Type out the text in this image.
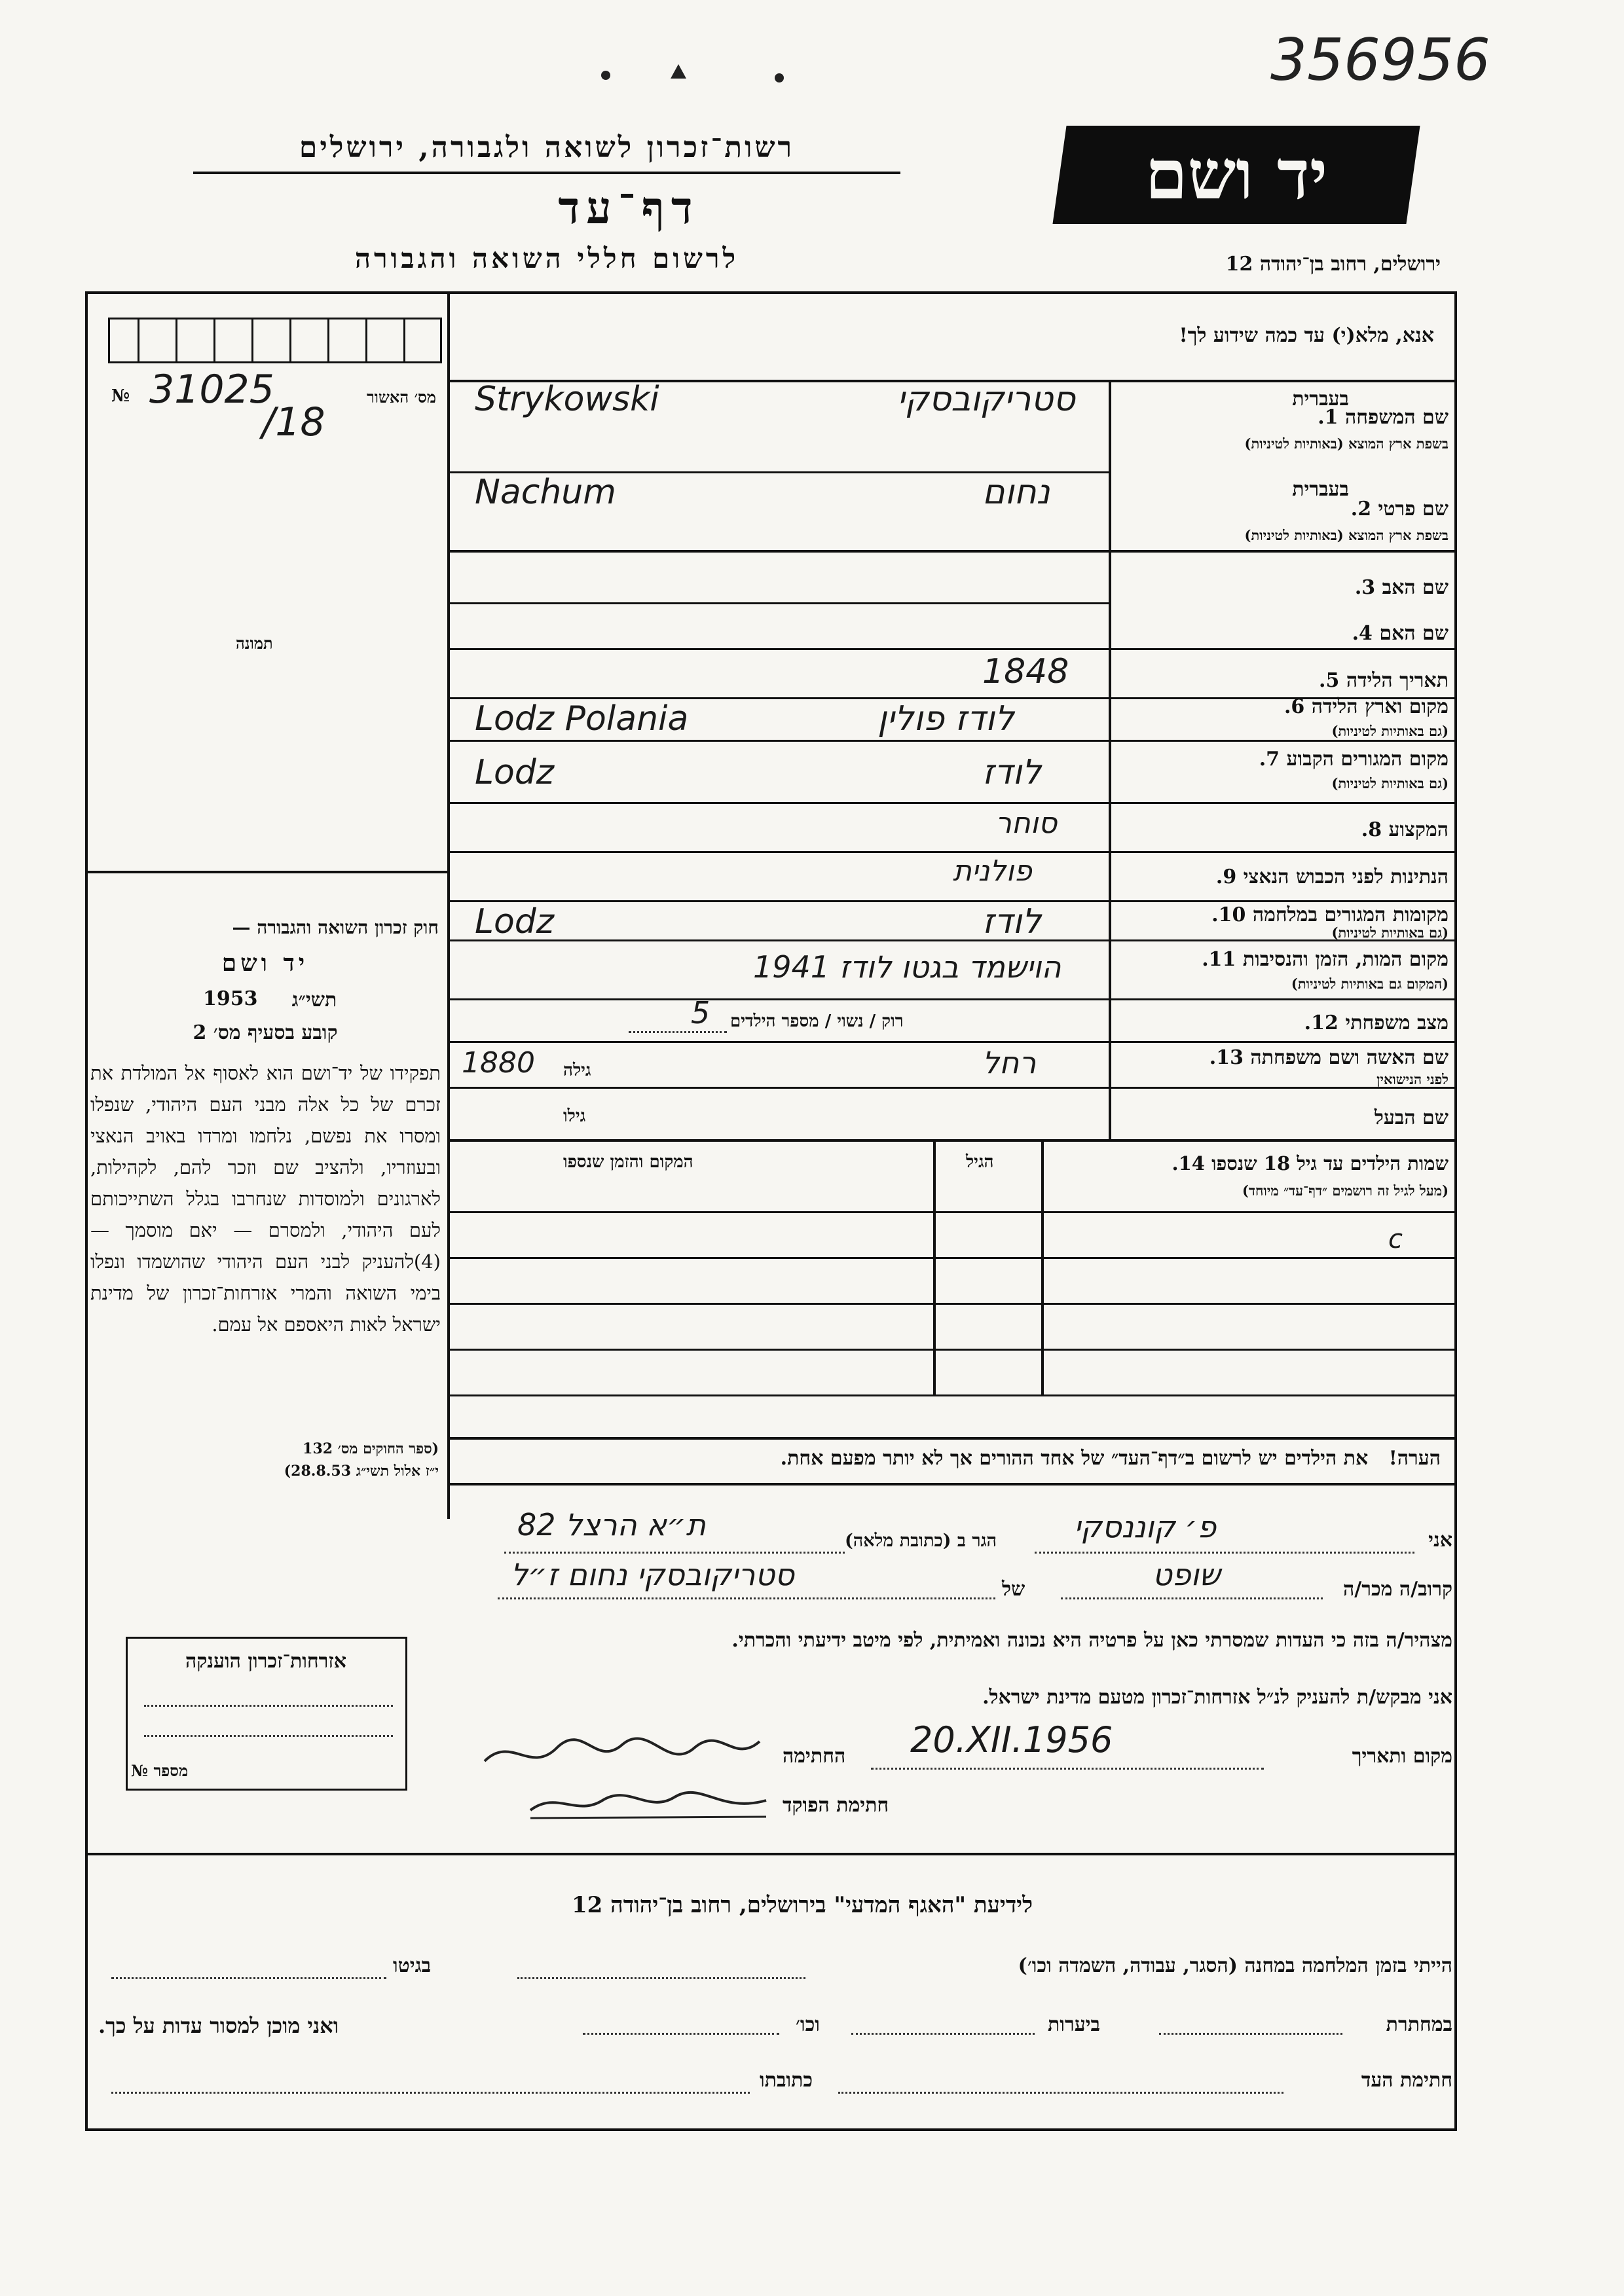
356956
רשות־זכרון לשואה ולגבורה, ירושלים
דף־עד
לרשום חללי השואה והגבורה
יד ושם
ירושלים, רחוב בן־יהודה 12
מס׳ האשור
№ 31025
/18
תמונה
חוק זכרון השואה והגבורה —
יד ושם
תשי״ג
1953
קובע בסעיף מס׳ 2
תפקידו של יד־ושם הוא לאסוף אל המולדת את זכרם של כל אלה מבני העם היהודי, שנפלו ומסרו את נפשם, נלחמו ומרדו באויב הנאצי ובעוזריו, ולהציב שם וזכר להם, לקהילות, לארגונים ולמוסדות שנחרבו בגלל השתייכותם לעם היהודי, ולמסרם — יאם מוסמך — (4)להעניק לבני העם היהודי שהושמדו ונפלו בימי השואה והמרי אזרחות־זכרון של מדינת ישראל לאות היאספם אל עמם.
(ספר החוקים מס׳ 132
י״ז אלול תשי״ג 28.8.53)
אזרחות־זכרון הוענקה
מספר №
אנא, מלא(י) עד כמה שידוע לך!
בעברית
שם המשפחה 1.
בשפת ארץ המוצא (באותיות לטיניות)
סטריקובסקי
Strykowski
בעברית
שם פרטי 2.
בשפת ארץ המוצא (באותיות לטיניות)
נחום
Nachum
שם האב 3.
שם האם 4.
תאריך הלידה 5.
1848
מקום וארץ הלידה 6.
(גם באותיות לטיניות)
לודז פולין
Lodz Polania
מקום המגורים הקבוע 7.
(גם באותיות לטיניות)
לודז
Lodz
המקצוע 8.
סוחר
הנתינות לפני הכבוש הנאצי 9.
פולנית
מקומות המגורים במלחמה 10.
(גם באותיות לטיניות)
לודז
Lodz
מקום המות, הזמן והנסיבות 11.
(המקום גם באותיות לטיניות)
הוישמד בגטו לודז 1941
מצב משפחתי 12.
רוק / נשוי / מספר הילדים
5
שם האשה ושם משפחתה 13.
לפני הנישואין
רחל
גילה
1880
שם הבעל
גילו
שמות הילדים עד גיל 18 שנספו 14.
(מעל לגיל זה רושמים ״דף־עד״ מיוחד)
הגיל
המקום והזמן שנספו
c
הערה!   את הילדים יש לרשום ב״דף־העד״ של אחד ההורים אך לא יותר מפעם אחת.
אני
פ׳ קוננסקי
הגר ב (כתובת מלאה)
ת״א הרצל 82
קרוב/ה מכר/ה
שופט
של
סטריקובסקי נחום ז״ל
מצהיר/ה בזה כי העדות שמסרתי כאן על פרטיה היא נכונה ואמיתית, לפי מיטב ידיעתי והכרתי.
אני מבקש/ת להעניק לנ״ל אזרחות־זכרון מטעם מדינת ישראל.
מקום ותאריך
20.XII.1956
החתימה
חתימת הפוקד
לידיעת "האגף המדעי" בירושלים, רחוב בן־יהודה 12
הייתי בזמן המלחמה במחנה (הסגר, עבודה, השמדה וכו׳)
בגיטו
במחתרת
ביערות
וכו׳
ואני מוכן למסור עדות על כך.
חתימת העד
כתובתו
